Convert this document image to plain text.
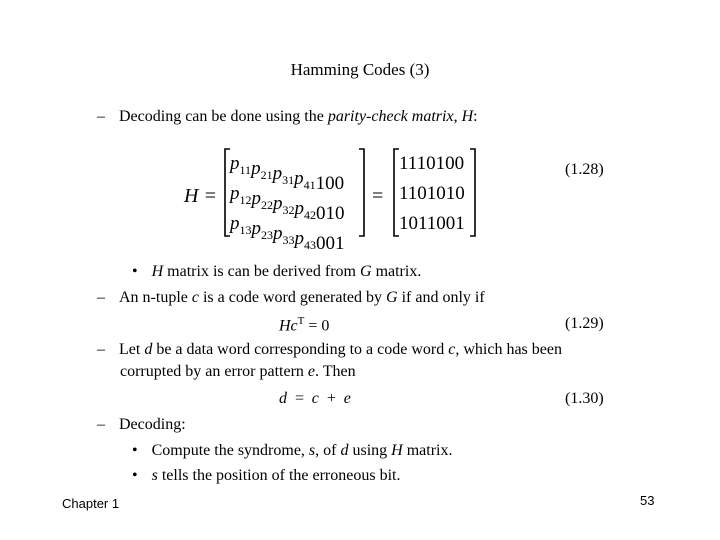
Hamming Codes (3)
– Decoding can be done using the parity-check matrix, H:
H =
$p_{11}p_{21}p_{31}p_{41}100$
$p_{12}p_{22}p_{32}p_{42}010$
$p_{13}p_{23}p_{33}p_{43}001$
=
1110100
1101010
1011001
(1.28)
• H matrix is can be derived from G matrix.
– An n-tuple c is a code word generated by G if and only if
$Hc^T = 0$	(1.29)
– Let d be a data word corresponding to a code word c, which has been
corrupted by an error pattern e. Then
d = c + e	(1.30)
– Decoding:
• Compute the syndrome, s, of d using H matrix.
• s tells the position of the erroneous bit.
Chapter 1	53
